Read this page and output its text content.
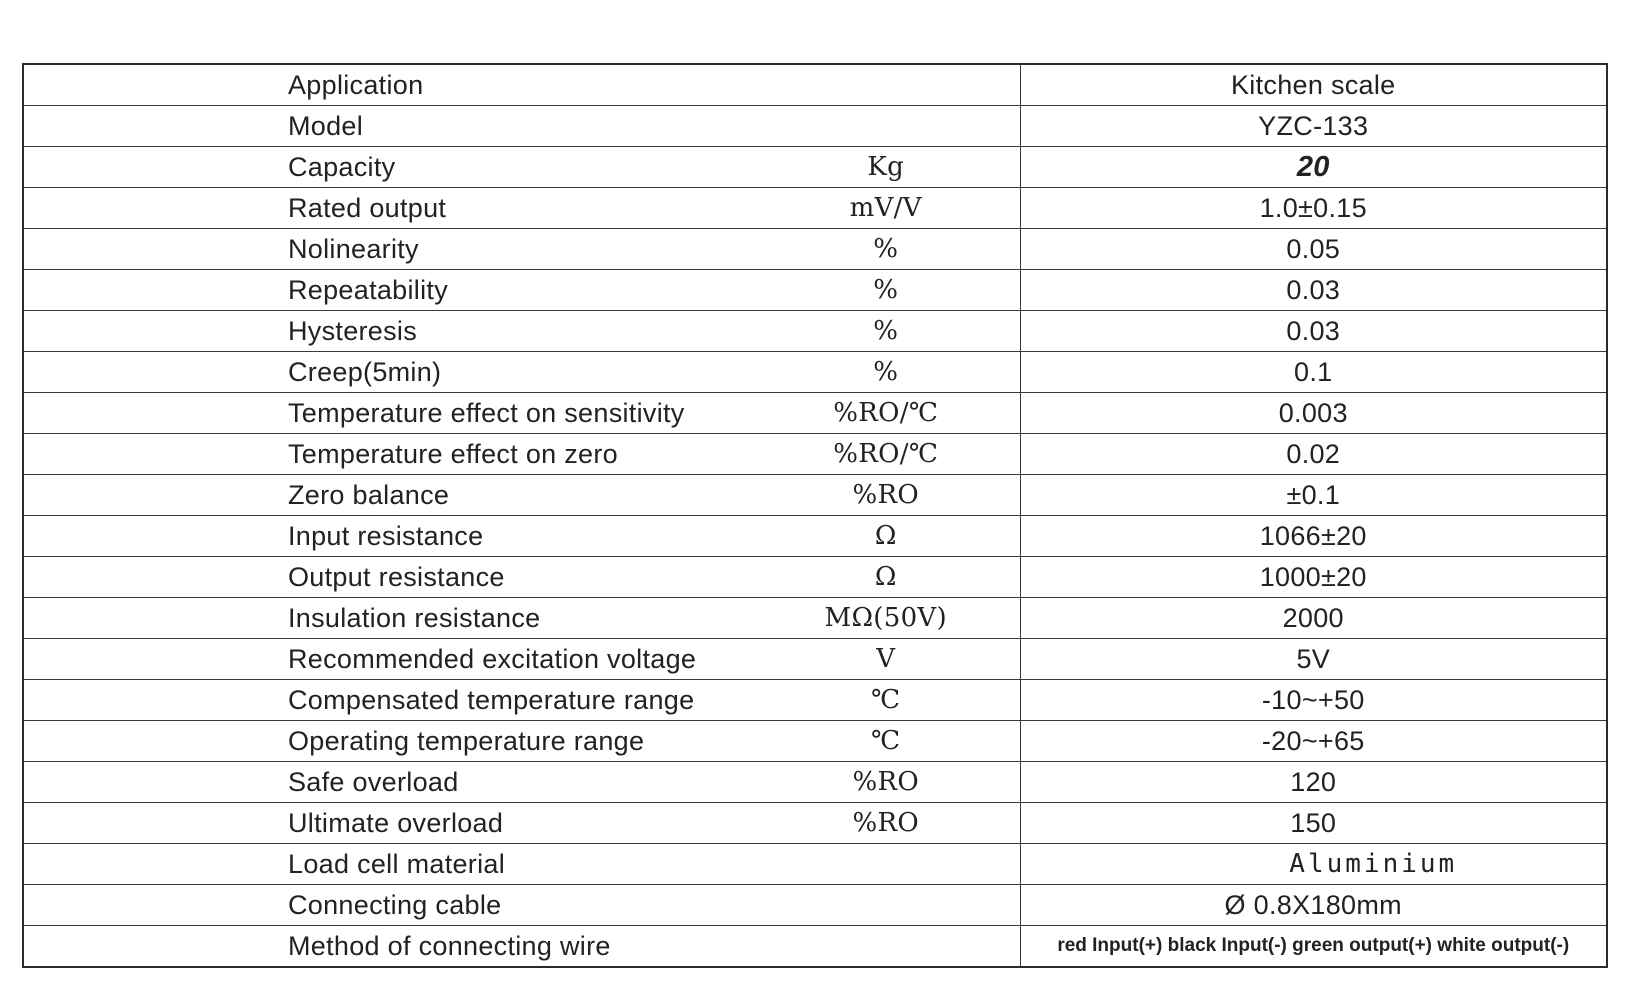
	Application		Kitchen scale
	Model		YZC-133
	Capacity	Kg	20
	Rated output	mV/V	1.0±0.15
	Nolinearity	%	0.05
	Repeatability	%	0.03
	Hysteresis	%	0.03
	Creep(5min)	%	0.1
	Temperature effect on sensitivity	%RO/℃	0.003
	Temperature effect on zero	%RO/℃	0.02
	Zero balance	%RO	±0.1
	Input resistance	Ω	1066±20
	Output resistance	Ω	1000±20
	Insulation resistance	MΩ(50V)	2000
	Recommended excitation voltage	V	5V
	Compensated temperature range	℃	-10~+50
	Operating temperature range	℃	-20~+65
	Safe overload	%RO	120
	Ultimate overload	%RO	150
	Load cell material		Aluminium
	Connecting cable		Ø 0.8X180mm
	Method of connecting wire		red Input(+) black Input(-) green output(+) white output(-)
